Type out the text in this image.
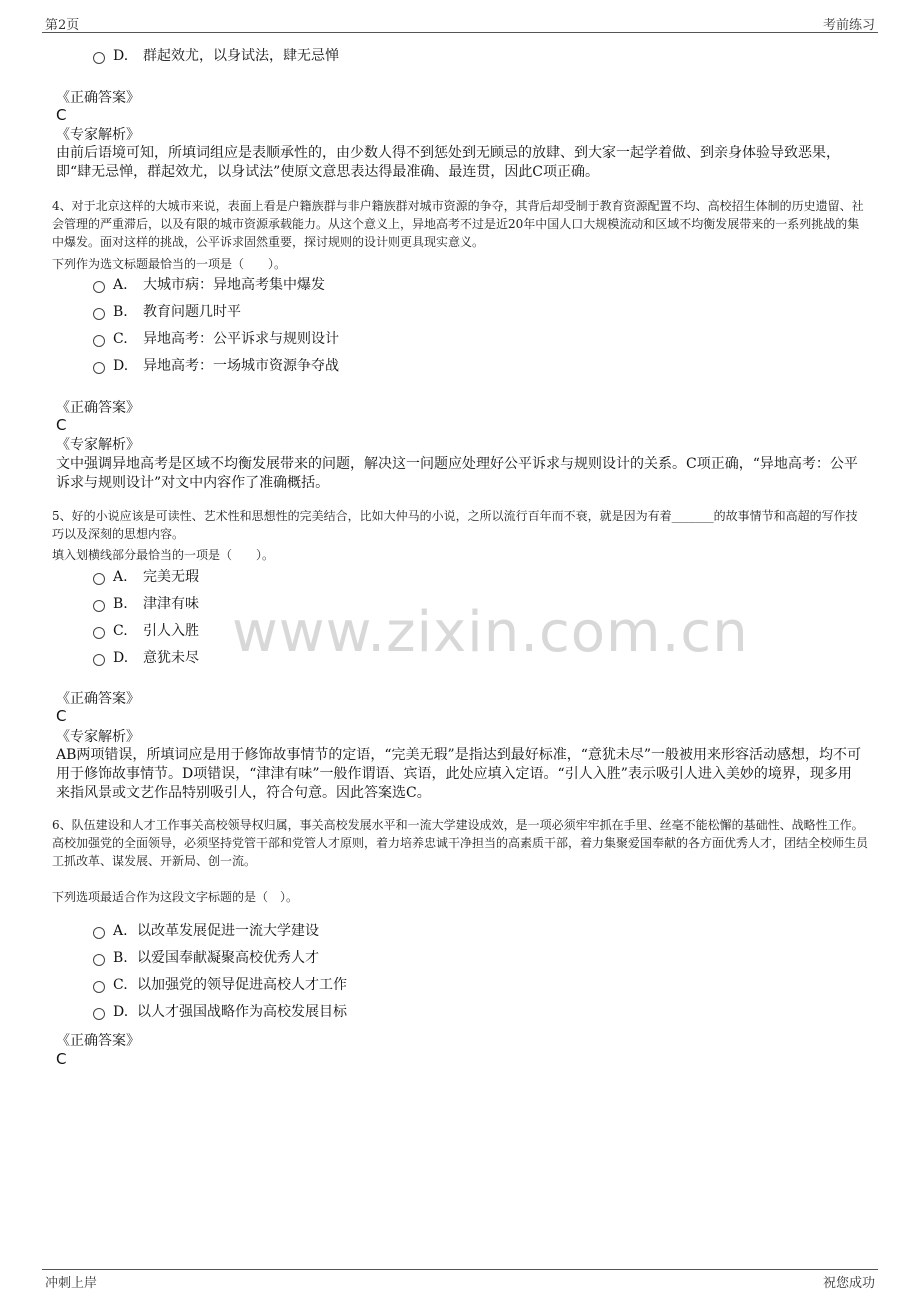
第2页	考前练习
www.zixin.com.cn
D. 群起效尤，以身试法，肆无忌惮
《正确答案》
C
《专家解析》
由前后语境可知，所填词组应是表顺承性的，由少数人得不到惩处到无顾忌的放肆、到大家一起学着做、到亲身体验导致恶果，即“肆无忌惮，群起效尤，以身试法”使原文意思表达得最准确、最连贯，因此C项正确。
4、对于北京这样的大城市来说，表面上看是户籍族群与非户籍族群对城市资源的争夺，其背后却受制于教育资源配置不均、高校招生体制的历史遗留、社会管理的严重滞后，以及有限的城市资源承载能力。从这个意义上，异地高考不过是近20年中国人口大规模流动和区域不均衡发展带来的一系列挑战的集中爆发。面对这样的挑战，公平诉求固然重要，探讨规则的设计则更具现实意义。
下列作为选文标题最恰当的一项是（　　）。
A. 大城市病：异地高考集中爆发
B. 教育问题几时平
C. 异地高考：公平诉求与规则设计
D. 异地高考：一场城市资源争夺战
《正确答案》
C
《专家解析》
文中强调异地高考是区域不均衡发展带来的问题，解决这一问题应处理好公平诉求与规则设计的关系。C项正确，“异地高考：公平诉求与规则设计”对文中内容作了准确概括。
5、好的小说应该是可读性、艺术性和思想性的完美结合，比如大仲马的小说，之所以流行百年而不衰，就是因为有着_______的故事情节和高超的写作技巧以及深刻的思想内容。
填入划横线部分最恰当的一项是（　　）。
A. 完美无瑕
B. 津津有味
C. 引人入胜
D. 意犹未尽
《正确答案》
C
《专家解析》
AB两项错误，所填词应是用于修饰故事情节的定语，“完美无瑕”是指达到最好标准，“意犹未尽”一般被用来形容活动感想，均不可用于修饰故事情节。D项错误，“津津有味”一般作谓语、宾语，此处应填入定语。“引人入胜”表示吸引人进入美妙的境界，现多用来指风景或文艺作品特别吸引人，符合句意。因此答案选C。
6、队伍建设和人才工作事关高校领导权归属，事关高校发展水平和一流大学建设成效，是一项必须牢牢抓在手里、丝毫不能松懈的基础性、战略性工作。高校加强党的全面领导，必须坚持党管干部和党管人才原则，着力培养忠诚干净担当的高素质干部，着力集聚爱国奉献的各方面优秀人才，团结全校师生员工抓改革、谋发展、开新局、创一流。
下列选项最适合作为这段文字标题的是（　）。
A. 以改革发展促进一流大学建设
B. 以爱国奉献凝聚高校优秀人才
C. 以加强党的领导促进高校人才工作
D. 以人才强国战略作为高校发展目标
《正确答案》
C
冲刺上岸	祝您成功
